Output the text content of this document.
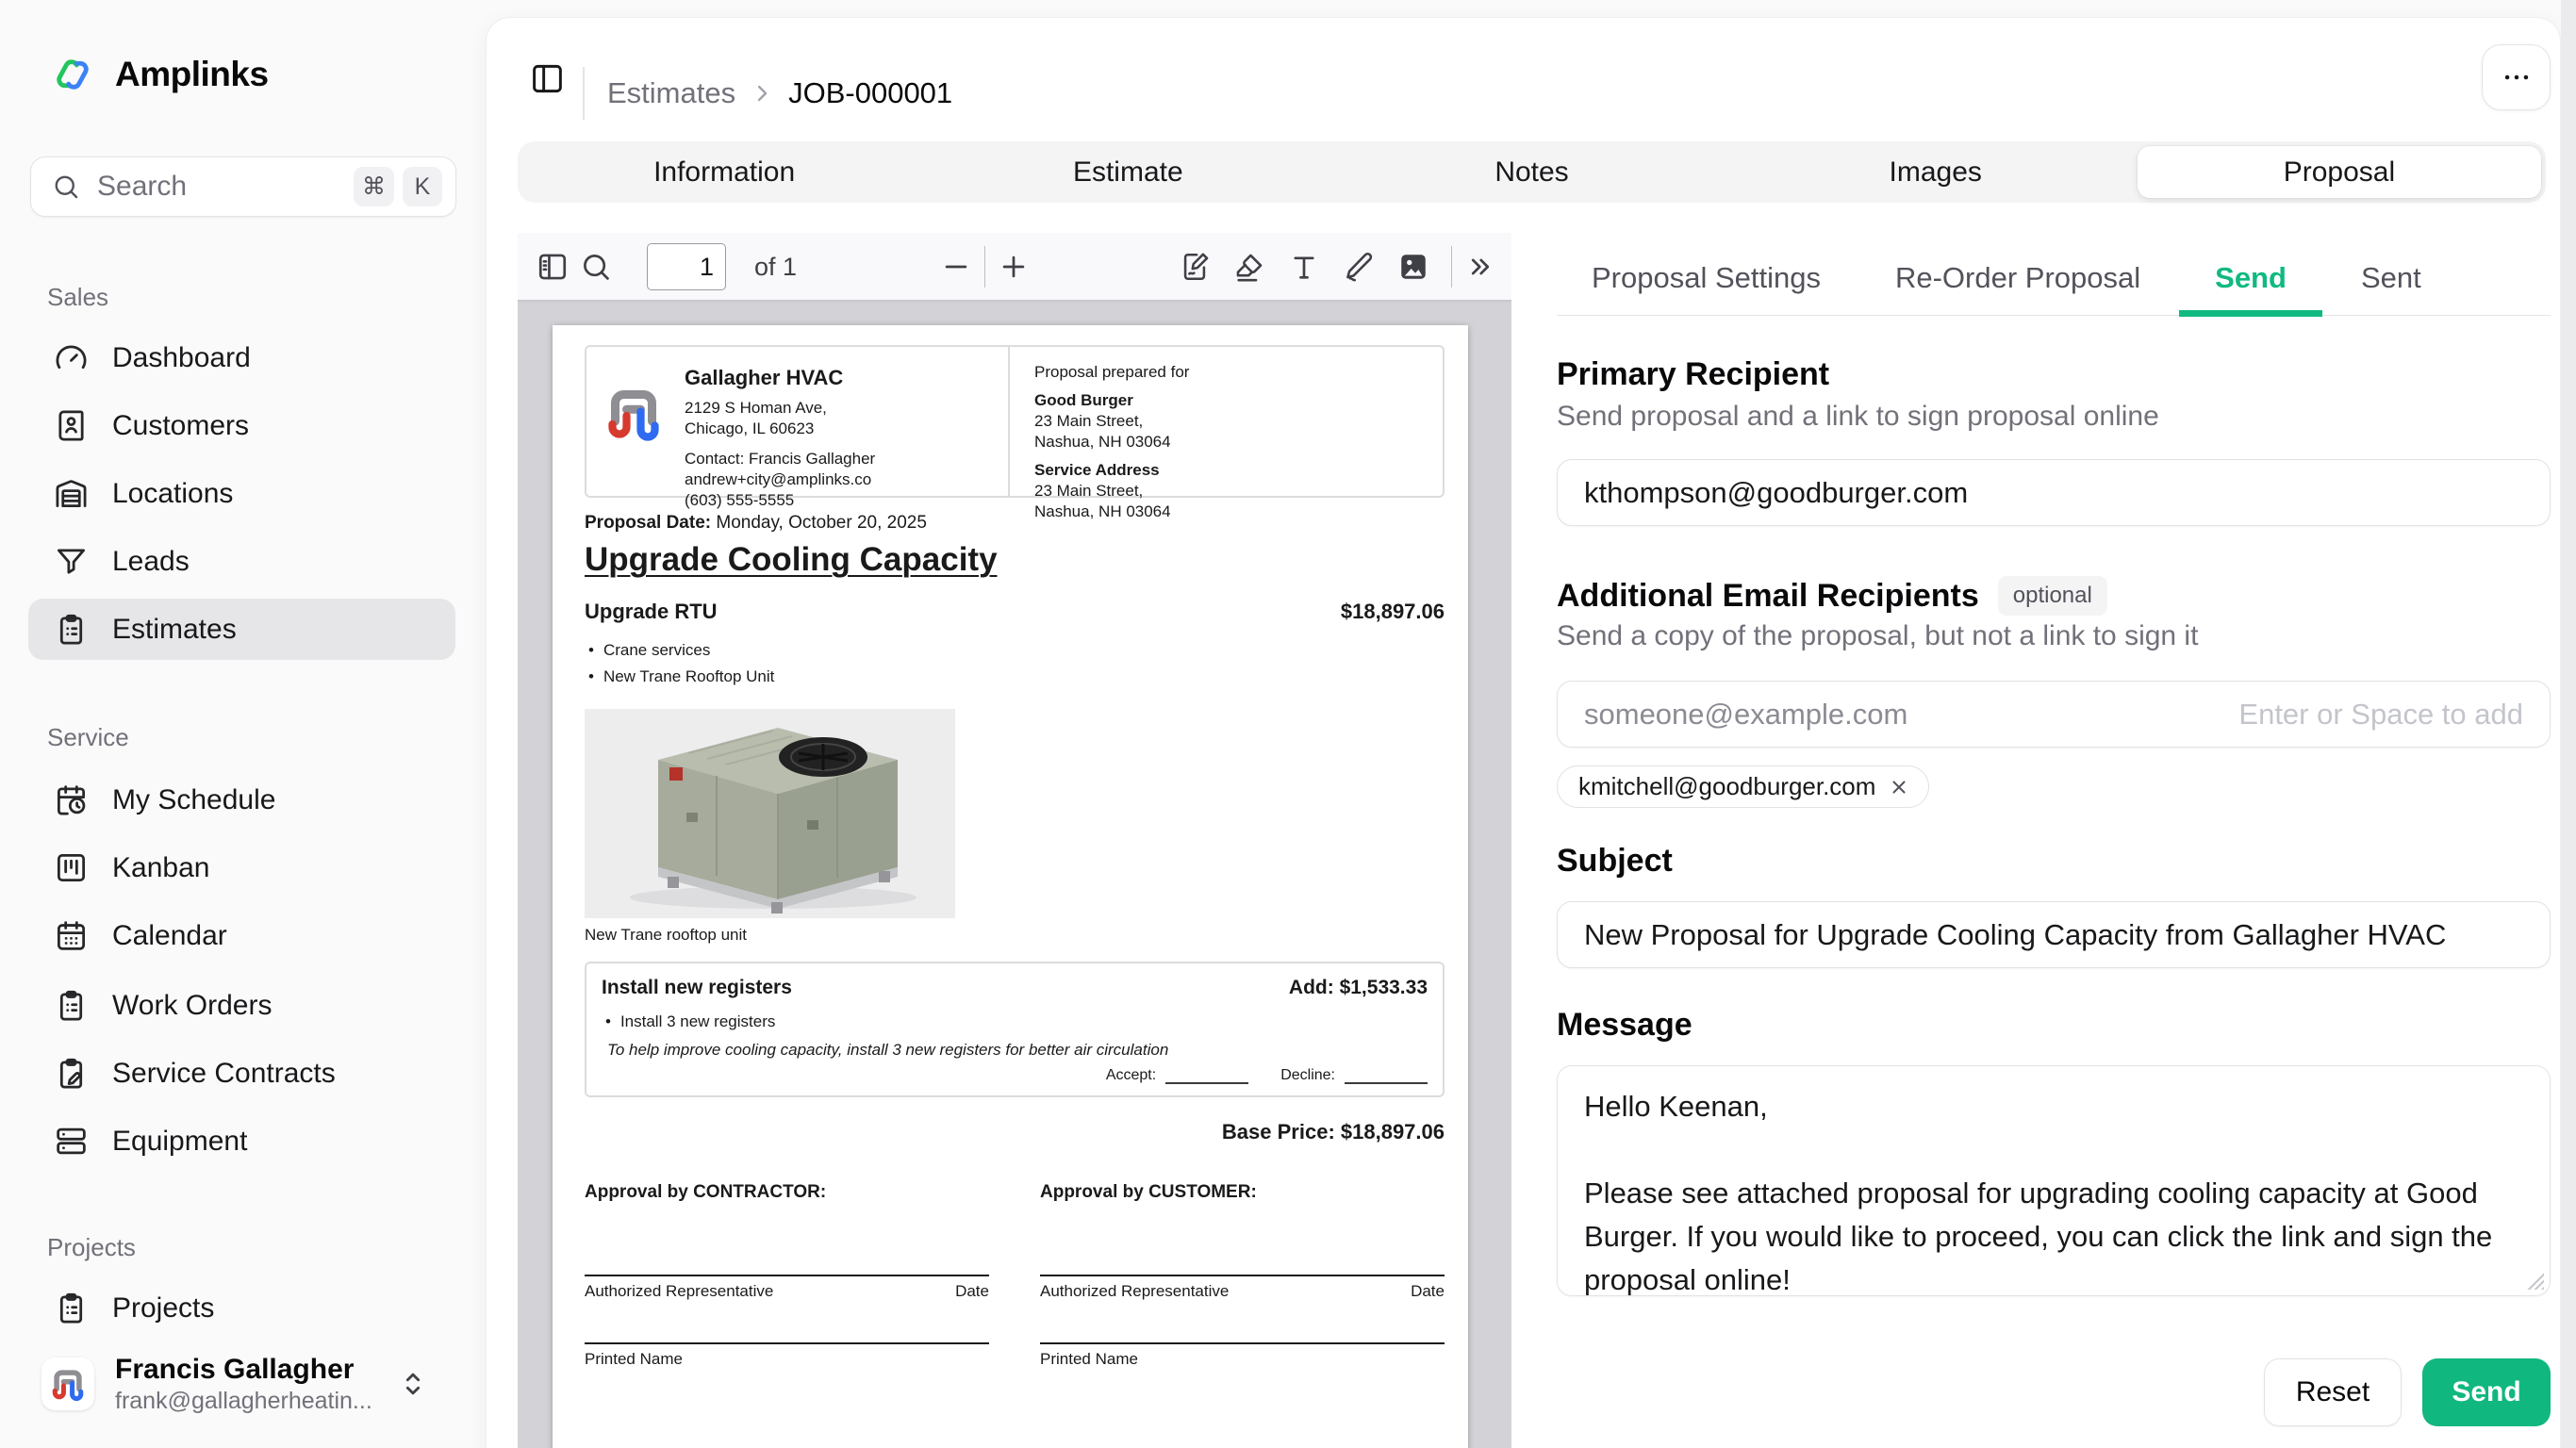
Amplinks
Search	⌘	K
Sales
Dashboard
Customers
Locations
Leads
Estimates
Service
My Schedule
Kanban
Calendar
Work Orders
Service Contracts
Equipment
Projects
Projects
Francis Gallagher
frank@gallagherheatin...
Estimates JOB-000001
Information	Estimate	Notes	Images	Proposal
1
of 1
Gallagher HVAC
2129 S Homan Ave,
Chicago, IL 60623
Contact: Francis Gallagher
andrew+city@amplinks.co
(603) 555-5555
Proposal prepared for
Good Burger
23 Main Street,
Nashua, NH 03064
Service Address
23 Main Street,
Nashua, NH 03064
Proposal Date: Monday, October 20, 2025
Upgrade Cooling Capacity
Upgrade RTU	$18,897.06
• Crane services
• New Trane Rooftop Unit
New Trane rooftop unit
Install new registers	Add: $1,533.33
• Install 3 new registers
To help improve cooling capacity, install 3 new registers for better air circulation
Accept:	Decline:
Base Price: $18,897.06
Approval by CONTRACTOR:
Authorized Representative	Date
Printed Name
Approval by CUSTOMER:
Authorized Representative	Date
Printed Name
Proposal Settings	Re-Order Proposal	Send	Sent
Primary Recipient
Send proposal and a link to sign proposal online
kthompson@goodburger.com
Additional Email Recipients	optional
Send a copy of the proposal, but not a link to sign it
someone@example.com
Enter or Space to add
kmitchell@goodburger.com
Subject
New Proposal for Upgrade Cooling Capacity from Gallagher HVAC
Message
Hello Keenan, Please see attached proposal for upgrading cooling capacity at Good Burger. If you would like to proceed, you can click the link and sign the proposal online!
Reset	Send
